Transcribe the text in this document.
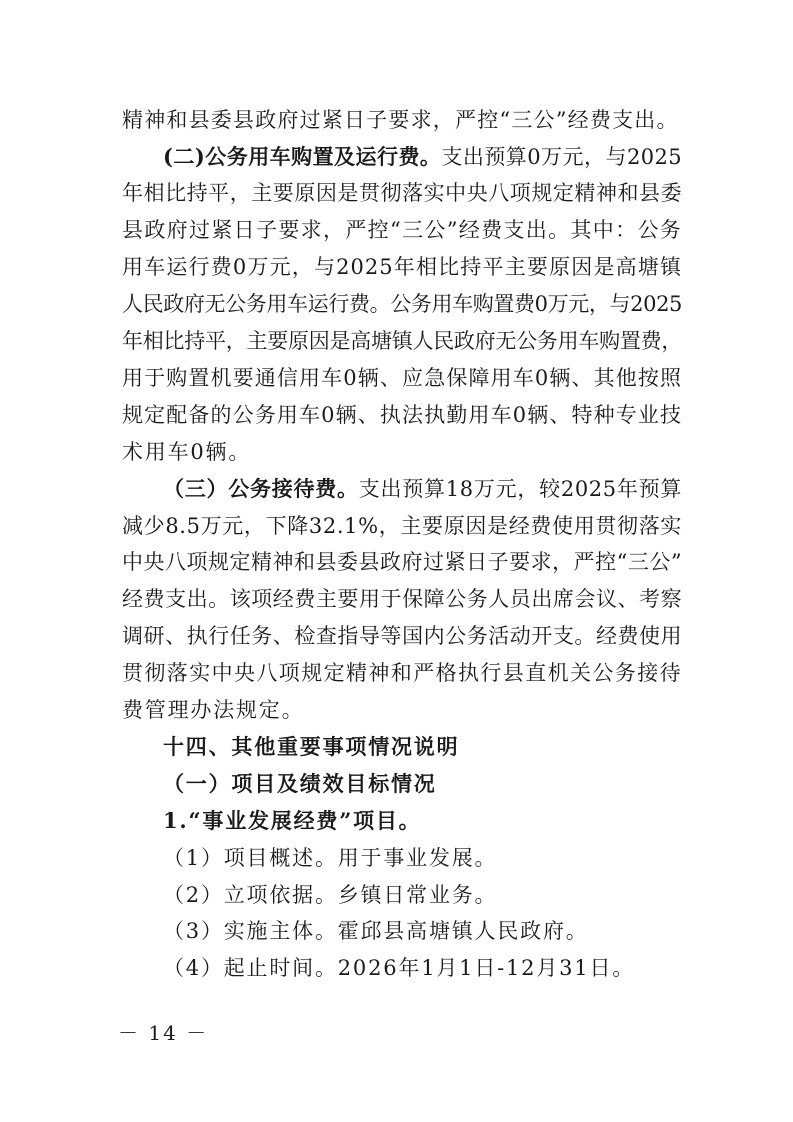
精神和县委县政府过紧日子要求，严控“三公”经费支出。
(二)公务用车购置及运行费。支出预算0万元，与2025
年相比持平，主要原因是贯彻落实中央八项规定精神和县委
县政府过紧日子要求，严控“三公”经费支出。其中：公务
用车运行费0万元，与2025年相比持平主要原因是高塘镇
人民政府无公务用车运行费。公务用车购置费0万元，与2025
年相比持平，主要原因是高塘镇人民政府无公务用车购置费，
用于购置机要通信用车0辆、应急保障用车0辆、其他按照
规定配备的公务用车0辆、执法执勤用车0辆、特种专业技
术用车0辆。
（三）公务接待费。支出预算18万元，较2025年预算
减少8.5万元，下降32.1%，主要原因是经费使用贯彻落实
中央八项规定精神和县委县政府过紧日子要求，严控“三公”
经费支出。该项经费主要用于保障公务人员出席会议、考察
调研、执行任务、检查指导等国内公务活动开支。经费使用
贯彻落实中央八项规定精神和严格执行县直机关公务接待
费管理办法规定。
十四、其他重要事项情况说明
（一）项目及绩效目标情况
1.“事业发展经费”项目。
（1）项目概述。用于事业发展。
（2）立项依据。乡镇日常业务。
（3）实施主体。霍邱县高塘镇人民政府。
（4）起止时间。2026年1月1日-12月31日。
－ 14 －
